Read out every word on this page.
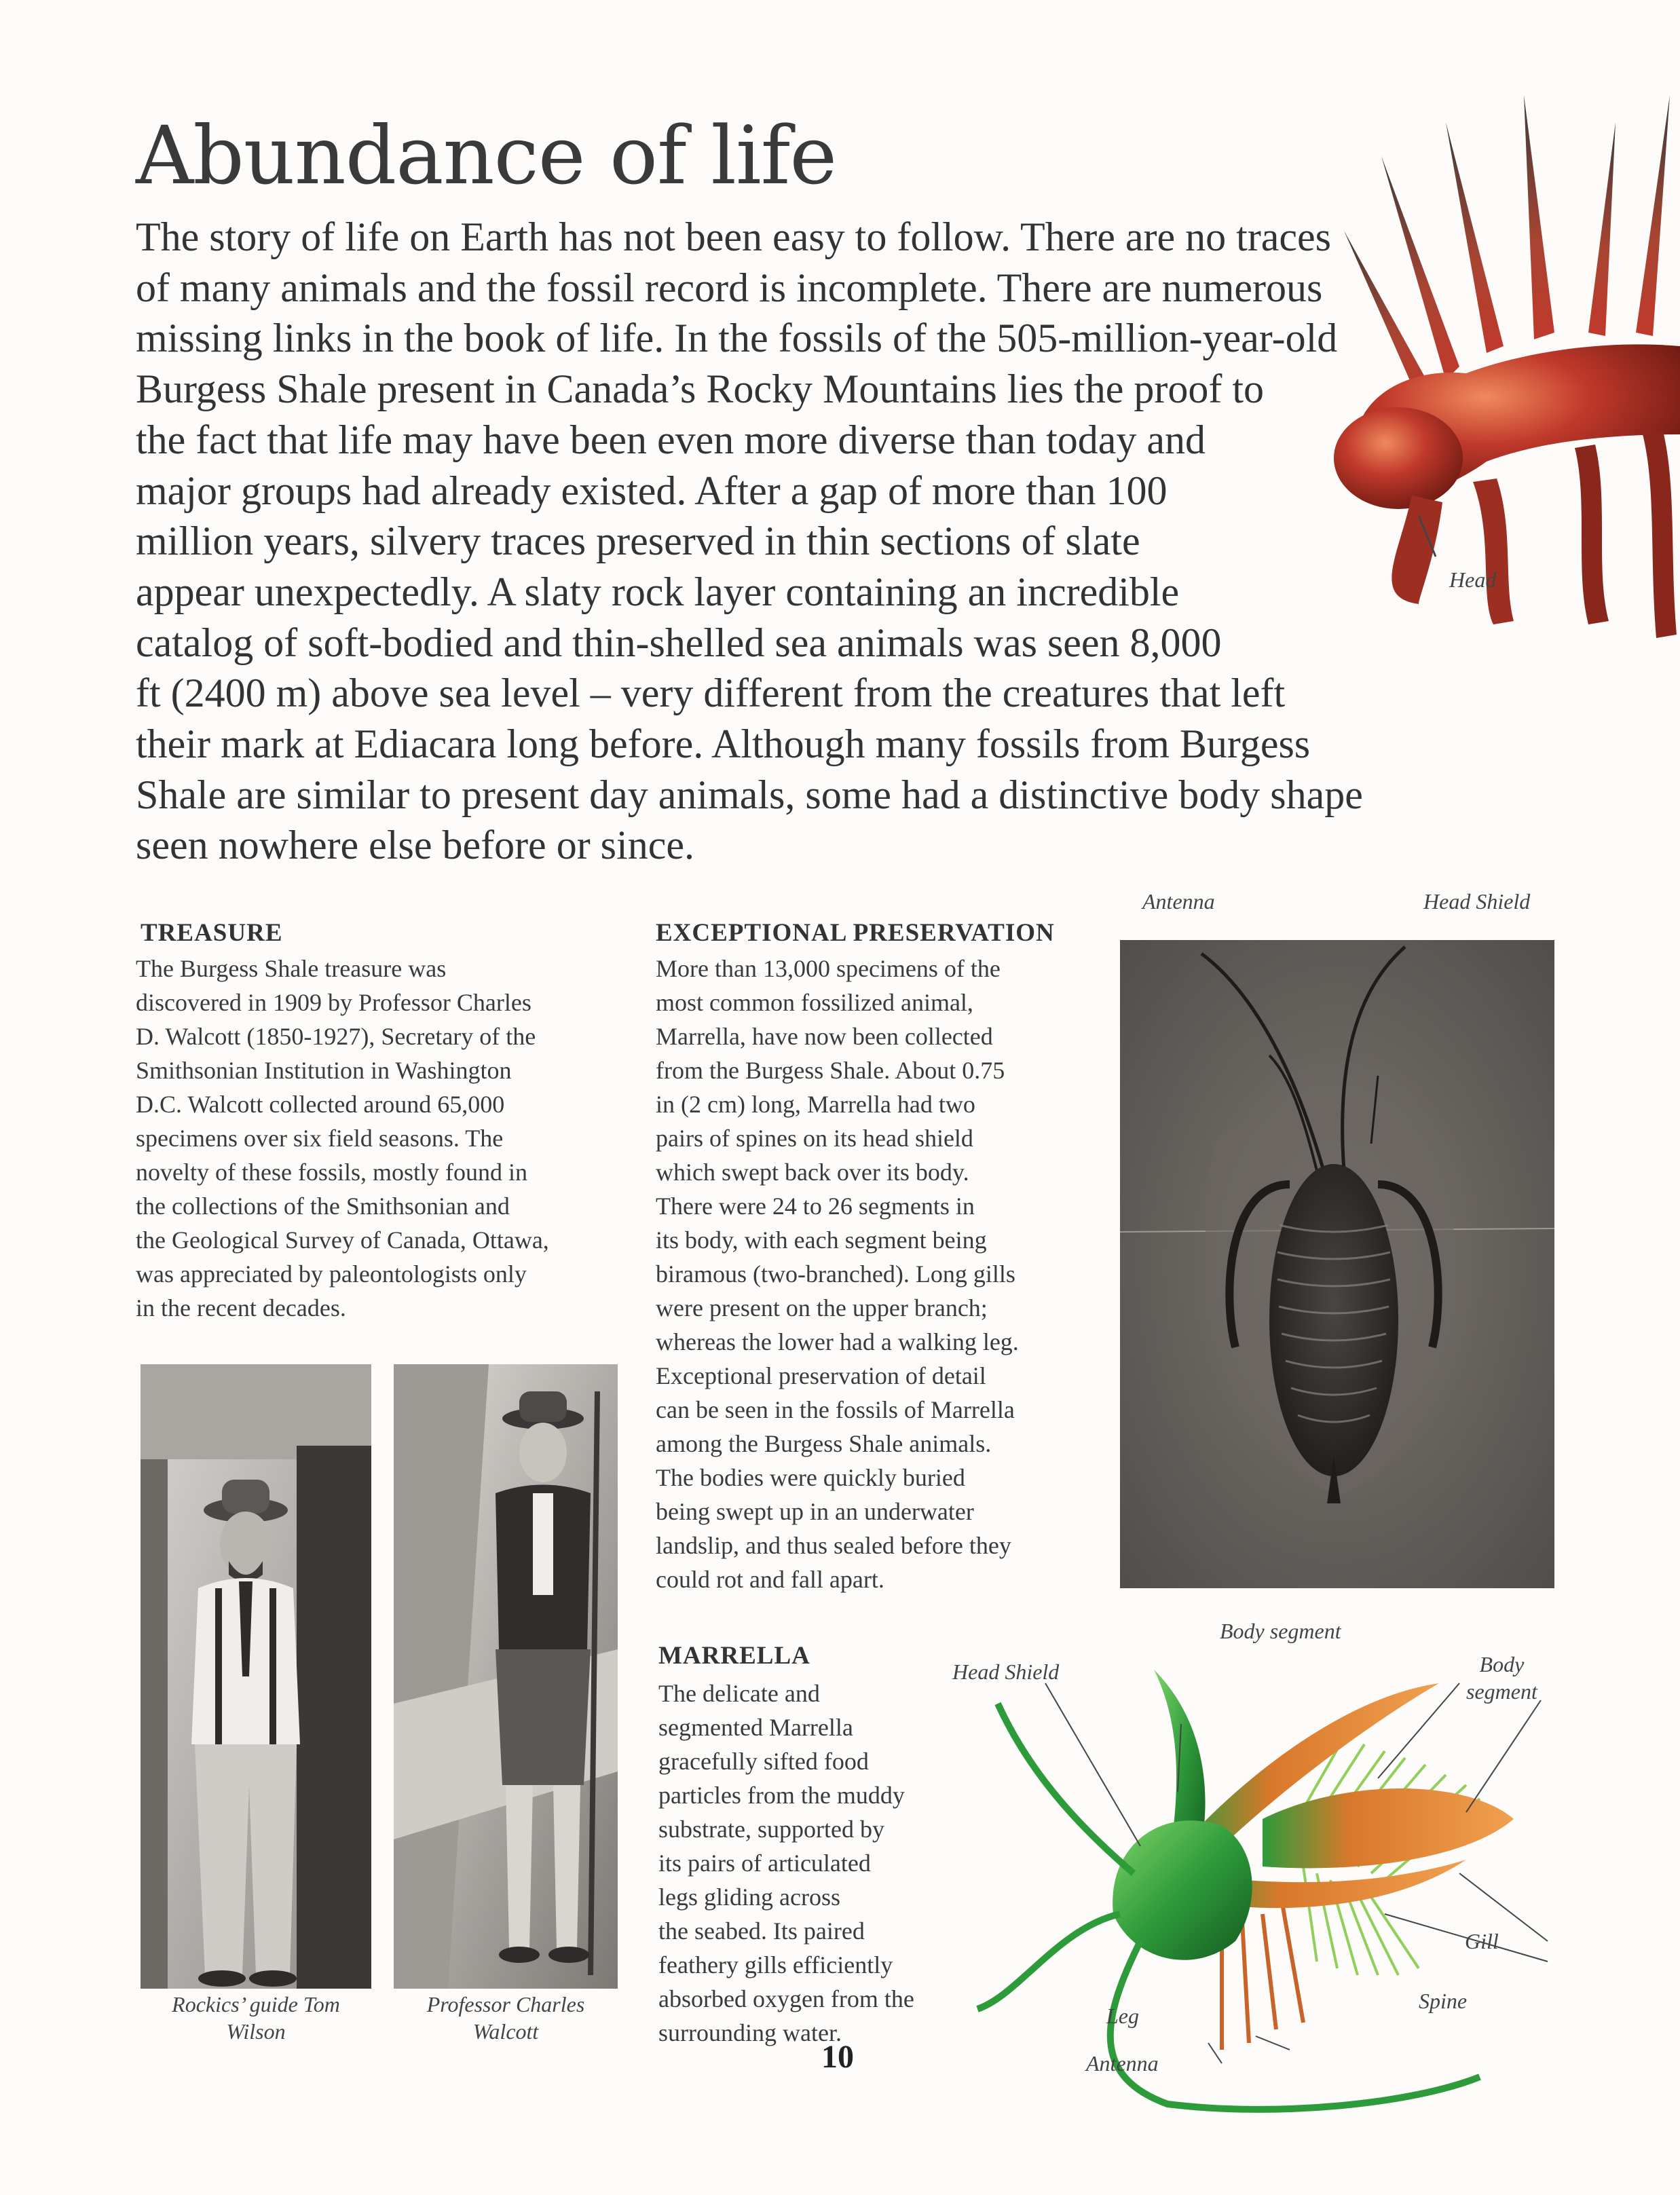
Abundance of life
The story of life on Earth has not been easy to follow. There are no traces
of many animals and the fossil record is incomplete. There are numerous
missing links in the book of life. In the fossils of the 505-million-year-old
Burgess Shale present in Canada’s Rocky Mountains lies the proof to
the fact that life may have been even more diverse than today and
major groups had already existed. After a gap of more than 100
million years, silvery traces preserved in thin sections of slate
appear unexpectedly. A slaty rock layer containing an incredible
catalog of soft-bodied and thin-shelled sea animals was seen 8,000
ft (2400 m) above sea level – very different from the creatures that left
their mark at Ediacara long before. Although many fossils from Burgess
Shale are similar to present day animals, some had a distinctive body shape
seen nowhere else before or since.
Head
TREASURE
The Burgess Shale treasure was
discovered in 1909 by Professor Charles
D. Walcott (1850-1927), Secretary of the
Smithsonian Institution in Washington
D.C. Walcott collected around 65,000
specimens over six field seasons. The
novelty of these fossils, mostly found in
the collections of the Smithsonian and
the Geological Survey of Canada, Ottawa,
was appreciated by paleontologists only
in the recent decades.
Rockics’ guide Tom
Wilson
Professor Charles
Walcott
EXCEPTIONAL PRESERVATION
More than 13,000 specimens of the
most common fossilized animal,
Marrella, have now been collected
from the Burgess Shale. About 0.75
in (2 cm) long, Marrella had two
pairs of spines on its head shield
which swept back over its body.
There were 24 to 26 segments in
its body, with each segment being
biramous (two-branched). Long gills
were present on the upper branch;
whereas the lower had a walking leg.
Exceptional preservation of detail
can be seen in the fossils of Marrella
among the Burgess Shale animals.
The bodies were quickly buried
being swept up in an underwater
landslip, and thus sealed before they
could rot and fall apart.
Antenna	Head Shield
Body segment
MARRELLA
The delicate and
segmented Marrella
gracefully sifted food
particles from the muddy
substrate, supported by
its pairs of articulated
legs gliding across
the seabed. Its paired
feathery gills efficiently
absorbed oxygen from the
surrounding water.
Head Shield	Body
segment
Gill
Spine
Leg
Antenna
10
